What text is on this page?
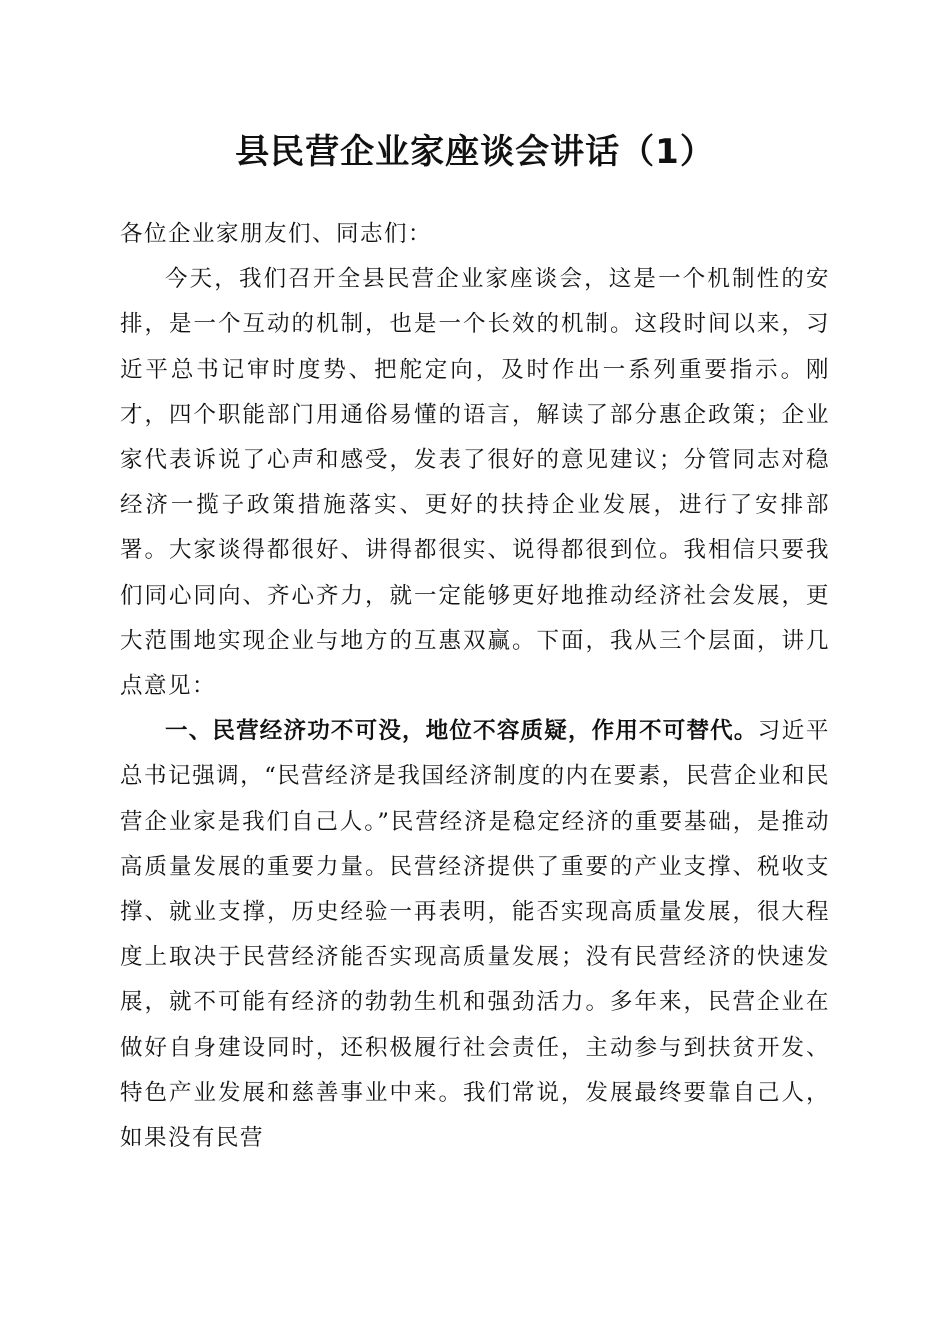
县民营企业家座谈会讲话（1）

各位企业家朋友们、同志们：

今天，我们召开全县民营企业家座谈会，这是一个机制性的安排，是一个互动的机制，也是一个长效的机制。这段时间以来，习近平总书记审时度势、把舵定向，及时作出一系列重要指示。刚才，四个职能部门用通俗易懂的语言，解读了部分惠企政策；企业家代表诉说了心声和感受，发表了很好的意见建议；分管同志对稳经济一揽子政策措施落实、更好的扶持企业发展，进行了安排部署。大家谈得都很好、讲得都很实、说得都很到位。我相信只要我们同心同向、齐心齐力，就一定能够更好地推动经济社会发展，更大范围地实现企业与地方的互惠双赢。下面，我从三个层面，讲几点意见：

一、民营经济功不可没，地位不容质疑，作用不可替代。习近平总书记强调，“民营经济是我国经济制度的内在要素，民营企业和民营企业家是我们自己人。”民营经济是稳定经济的重要基础，是推动高质量发展的重要力量。民营经济提供了重要的产业支撑、税收支撑、就业支撑，历史经验一再表明，能否实现高质量发展，很大程度上取决于民营经济能否实现高质量发展；没有民营经济的快速发展，就不可能有经济的勃勃生机和强劲活力。多年来，民营企业在做好自身建设同时，还积极履行社会责任，主动参与到扶贫开发、特色产业发展和慈善事业中来。我们常说，发展最终要靠自己人，如果没有民营
